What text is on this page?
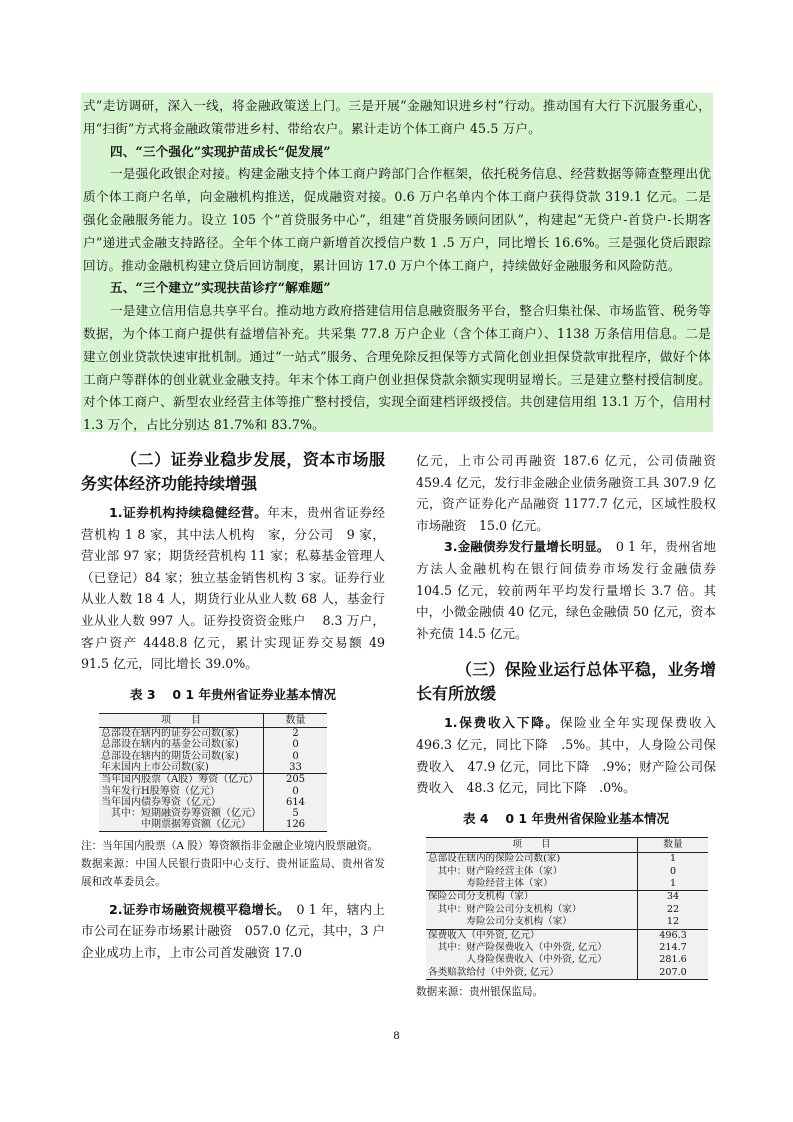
式”走访调研，深入一线，将金融政策送上门。三是开展“金融知识进乡村”行动。推动国有大行下沉服务重心，用“扫街”方式将金融政策带进乡村、带给农户。累计走访个体工商户 45.5 万户。

四、“三个强化”实现护苗成长“促发展”

一是强化政银企对接。构建金融支持个体工商户跨部门合作框架，依托税务信息、经营数据等筛查整理出优质个体工商户名单，向金融机构推送，促成融资对接。0.6 万户名单内个体工商户获得贷款 319.1 亿元。二是强化金融服务能力。设立 105 个“首贷服务中心”，组建“首贷服务顾问团队”，构建起“无贷户-首贷户-长期客户”递进式金融支持路径。全年个体工商户新增首次授信户数 1 .5 万户，同比增长 16.6%。三是强化贷后跟踪回访。推动金融机构建立贷后回访制度，累计回访 17.0 万户个体工商户，持续做好金融服务和风险防范。

五、“三个建立”实现扶苗诊疗“解难题”

一是建立信用信息共享平台。推动地方政府搭建信用信息融资服务平台，整合归集社保、市场监管、税务等数据，为个体工商户提供有益增信补充。共采集 77.8 万户企业（含个体工商户）、1138 万条信用信息。二是建立创业贷款快速审批机制。通过“一站式”服务、合理免除反担保等方式简化创业担保贷款审批程序，做好个体工商户等群体的创业就业金融支持。年末个体工商户创业担保贷款余额实现明显增长。三是建立整村授信制度。对个体工商户、新型农业经营主体等推广整村授信，实现全面建档评级授信。共创建信用组 13.1 万个，信用村 1.3 万个，占比分别达 81.7%和 83.7%。

（二）证券业稳步发展，资本市场服务实体经济功能持续增强

1.证券机构持续稳健经营。年末，贵州省证券经营机构 1 8 家，其中法人机构　家，分公司　9 家，营业部 97 家；期货经营机构 11 家；私募基金管理人（已登记）84 家；独立基金销售机构 3 家。证券行业从业人数 18 4 人，期货行业从业人数 68 人，基金行业从业人数 997 人。证券投资资金账户　 8.3 万户，客户资产 4448.8 亿元，累计实现证券交易额 49 91.5 亿元，同比增长 39.0%。

表 3　 0 1 年贵州省证券业基本情况

项　　目	数量
总部设在辖内的证券公司数(家)	2
总部设在辖内的基金公司数(家)	0
总部设在辖内的期货公司数(家)	0
年末国内上市公司数(家)	33
当年国内股票（A股）筹资（亿元）	205
当年发行H股筹资（亿元）	0
当年国内债券筹资（亿元）	614
　其中：短期融资券筹资额（亿元）	5
　　　　中期票据筹资额（亿元）	126

注：当年国内股票（A 股）筹资额指非金融企业境内股票融资。

数据来源：中国人民银行贵阳中心支行、贵州证监局、贵州省发展和改革委员会。

2.证券市场融资规模平稳增长。　0 1 年，辖内上市公司在证券市场累计融资　057.0 亿元，其中，3 户企业成功上市，上市公司首发融资 17.0

亿元，上市公司再融资 187.6 亿元，公司债融资 459.4 亿元，发行非金融企业债务融资工具 307.9 亿元，资产证券化产品融资 1177.7 亿元，区域性股权市场融资　15.0 亿元。

3.金融债券发行量增长明显。　0 1 年，贵州省地方法人金融机构在银行间债券市场发行金融债券 104.5 亿元，较前两年平均发行量增长 3.7 倍。其中，小微金融债 40 亿元，绿色金融债 50 亿元，资本补充债 14.5 亿元。

（三）保险业运行总体平稳，业务增长有所放缓

1.保费收入下降。保险业全年实现保费收入 496.3 亿元，同比下降　.5%。其中，人身险公司保费收入　47.9 亿元，同比下降　.9%；财产险公司保费收入　48.3 亿元，同比下降　.0%。

表 4　 0 1 年贵州省保险业基本情况

项　　目	数量
总部设在辖内的保险公司数(家)	1
　其中：财产险经营主体（家）	0
　　　　寿险经营主体（家）	1
保险公司分支机构（家）	34
　其中：财产险公司分支机构（家）	22
　　　　寿险公司分支机构（家）	12
保费收入（中外资, 亿元）	496.3
　其中：财产险保费收入（中外资, 亿元）	214.7
　　　　人身险保费收入（中外资, 亿元）	281.6
各类赔款给付（中外资, 亿元）	207.0

数据来源：贵州银保监局。

8
